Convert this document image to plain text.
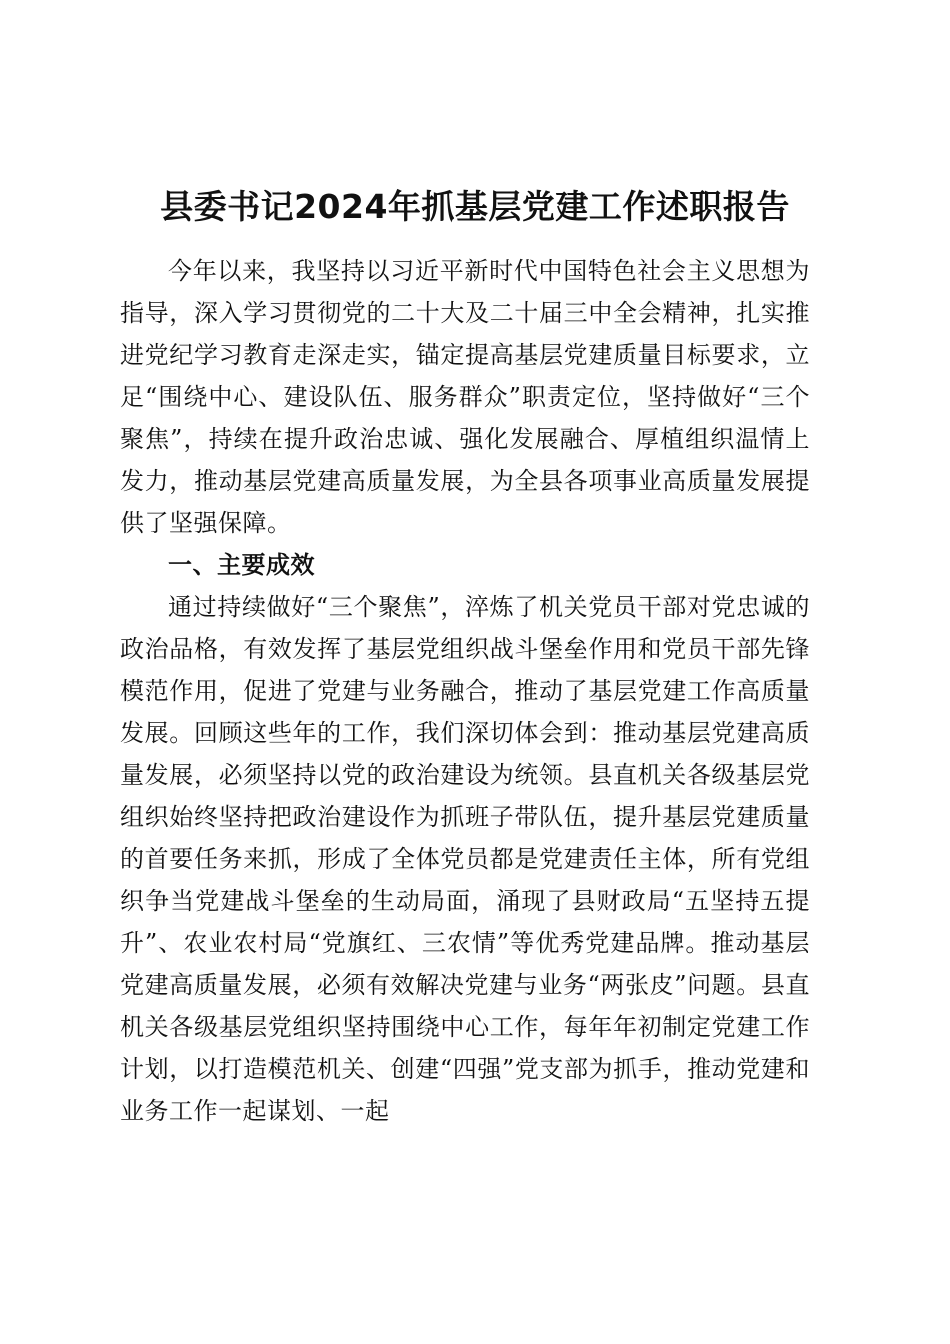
县委书记2024年抓基层党建工作述职报告

今年以来，我坚持以习近平新时代中国特色社会主义思想为指导，深入学习贯彻党的二十大及二十届三中全会精神，扎实推进党纪学习教育走深走实，锚定提高基层党建质量目标要求，立足“围绕中心、建设队伍、服务群众”职责定位，坚持做好“三个聚焦”，持续在提升政治忠诚、强化发展融合、厚植组织温情上发力，推动基层党建高质量发展，为全县各项事业高质量发展提供了坚强保障。

一、主要成效

通过持续做好“三个聚焦”，淬炼了机关党员干部对党忠诚的政治品格，有效发挥了基层党组织战斗堡垒作用和党员干部先锋模范作用，促进了党建与业务融合，推动了基层党建工作高质量发展。回顾这些年的工作，我们深切体会到：推动基层党建高质量发展，必须坚持以党的政治建设为统领。县直机关各级基层党组织始终坚持把政治建设作为抓班子带队伍，提升基层党建质量的首要任务来抓，形成了全体党员都是党建责任主体，所有党组织争当党建战斗堡垒的生动局面，涌现了县财政局“五坚持五提升”、农业农村局“党旗红、三农情”等优秀党建品牌。推动基层党建高质量发展，必须有效解决党建与业务“两张皮”问题。县直机关各级基层党组织坚持围绕中心工作，每年年初制定党建工作计划，以打造模范机关、创建“四强”党支部为抓手，推动党建和业务工作一起谋划、一起
